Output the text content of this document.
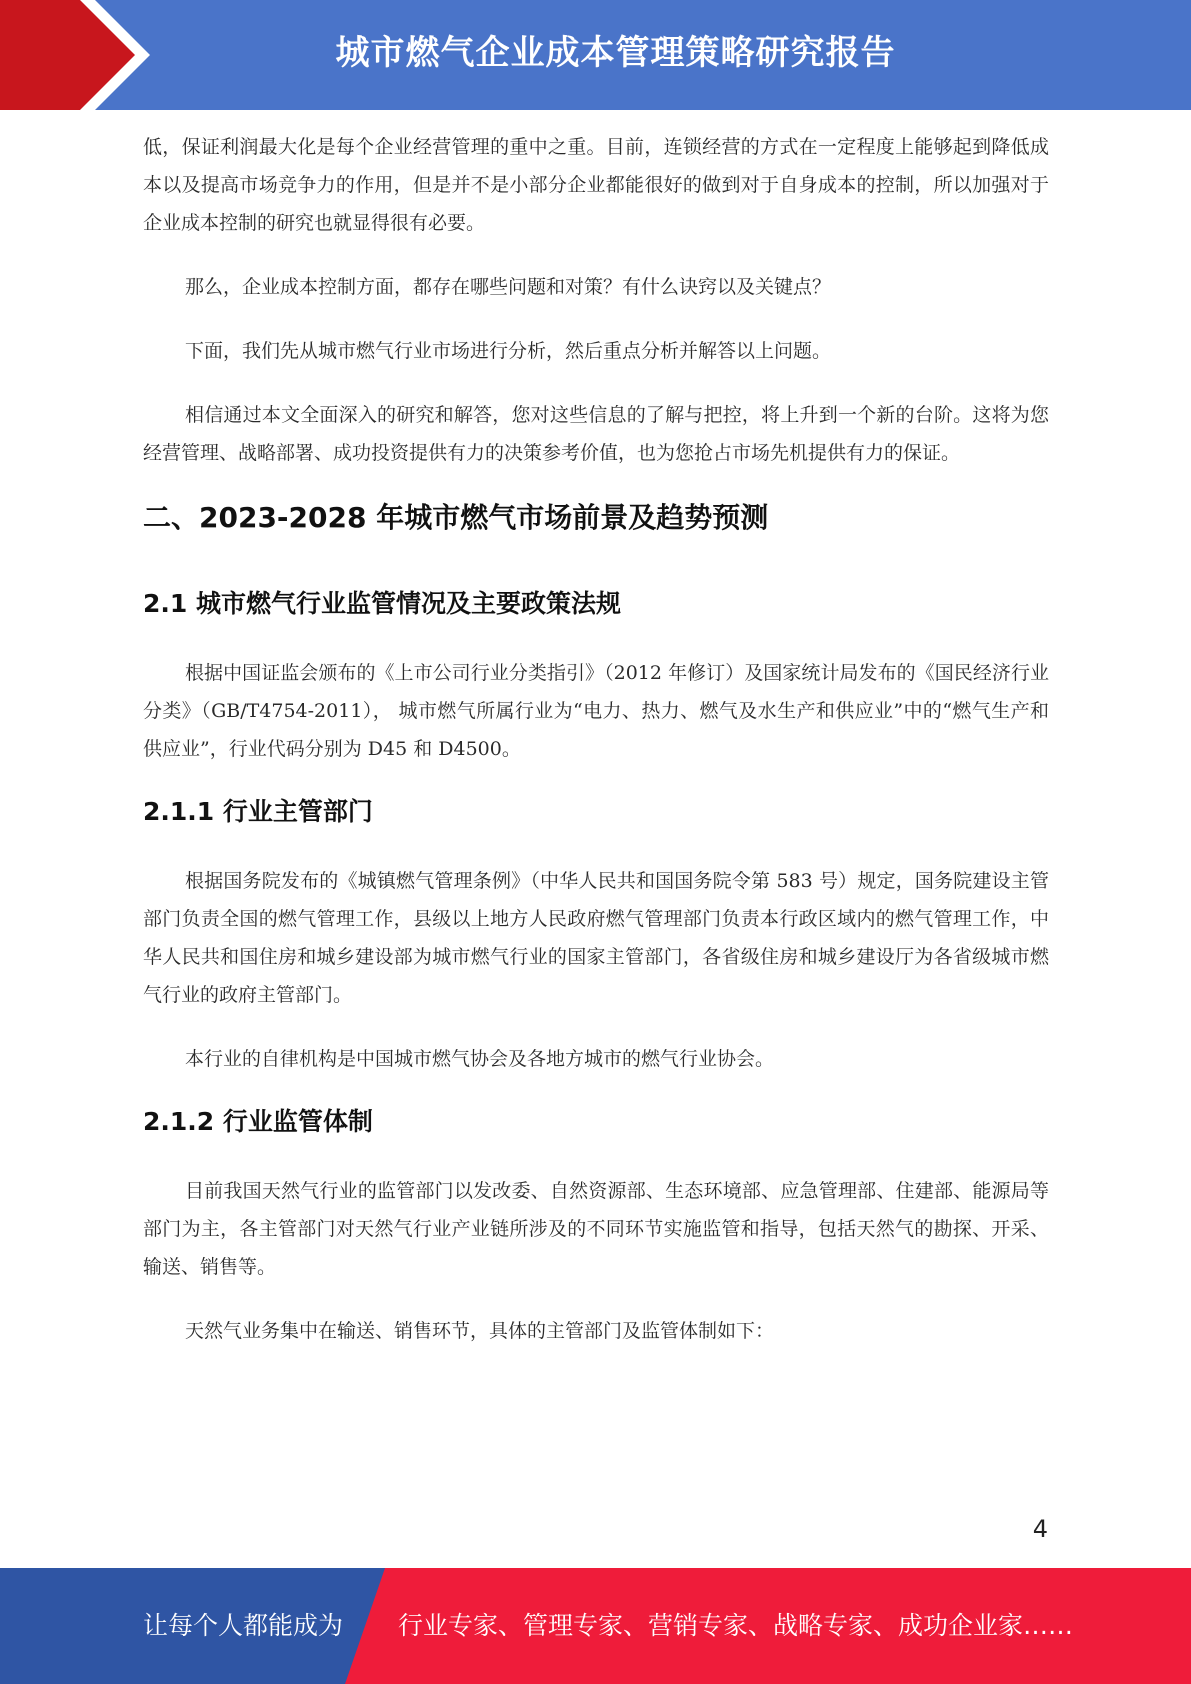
城市燃气企业成本管理策略研究报告

低，保证利润最大化是每个企业经营管理的重中之重。目前，连锁经营的方式在一定程度上能够起到降低成本以及提高市场竞争力的作用，但是并不是小部分企业都能很好的做到对于自身成本的控制，所以加强对于企业成本控制的研究也就显得很有必要。

那么，企业成本控制方面，都存在哪些问题和对策？有什么诀窍以及关键点？

下面，我们先从城市燃气行业市场进行分析，然后重点分析并解答以上问题。

相信通过本文全面深入的研究和解答，您对这些信息的了解与把控，将上升到一个新的台阶。这将为您经营管理、战略部署、成功投资提供有力的决策参考价值，也为您抢占市场先机提供有力的保证。

二、2023-2028 年城市燃气市场前景及趋势预测
2.1 城市燃气行业监管情况及主要政策法规

根据中国证监会颁布的《上市公司行业分类指引》（2012 年修订）及国家统计局发布的《国民经济行业分类》（GB/T4754-2011）， 城市燃气所属行业为“电力、热力、燃气及水生产和供应业”中的“燃气生产和供应业”，行业代码分别为 D45 和 D4500。

2.1.1 行业主管部门

根据国务院发布的《城镇燃气管理条例》（中华人民共和国国务院令第 583 号）规定，国务院建设主管部门负责全国的燃气管理工作，县级以上地方人民政府燃气管理部门负责本行政区域内的燃气管理工作，中华人民共和国住房和城乡建设部为城市燃气行业的国家主管部门，各省级住房和城乡建设厅为各省级城市燃气行业的政府主管部门。

本行业的自律机构是中国城市燃气协会及各地方城市的燃气行业协会。

2.1.2 行业监管体制

目前我国天然气行业的监管部门以发改委、自然资源部、生态环境部、应急管理部、住建部、能源局等部门为主，各主管部门对天然气行业产业链所涉及的不同环节实施监管和指导，包括天然气的勘探、开采、输送、销售等。

天然气业务集中在输送、销售环节，具体的主管部门及监管体制如下：

4
让每个人都能成为 行业专家、管理专家、营销专家、战略专家、成功企业家……
